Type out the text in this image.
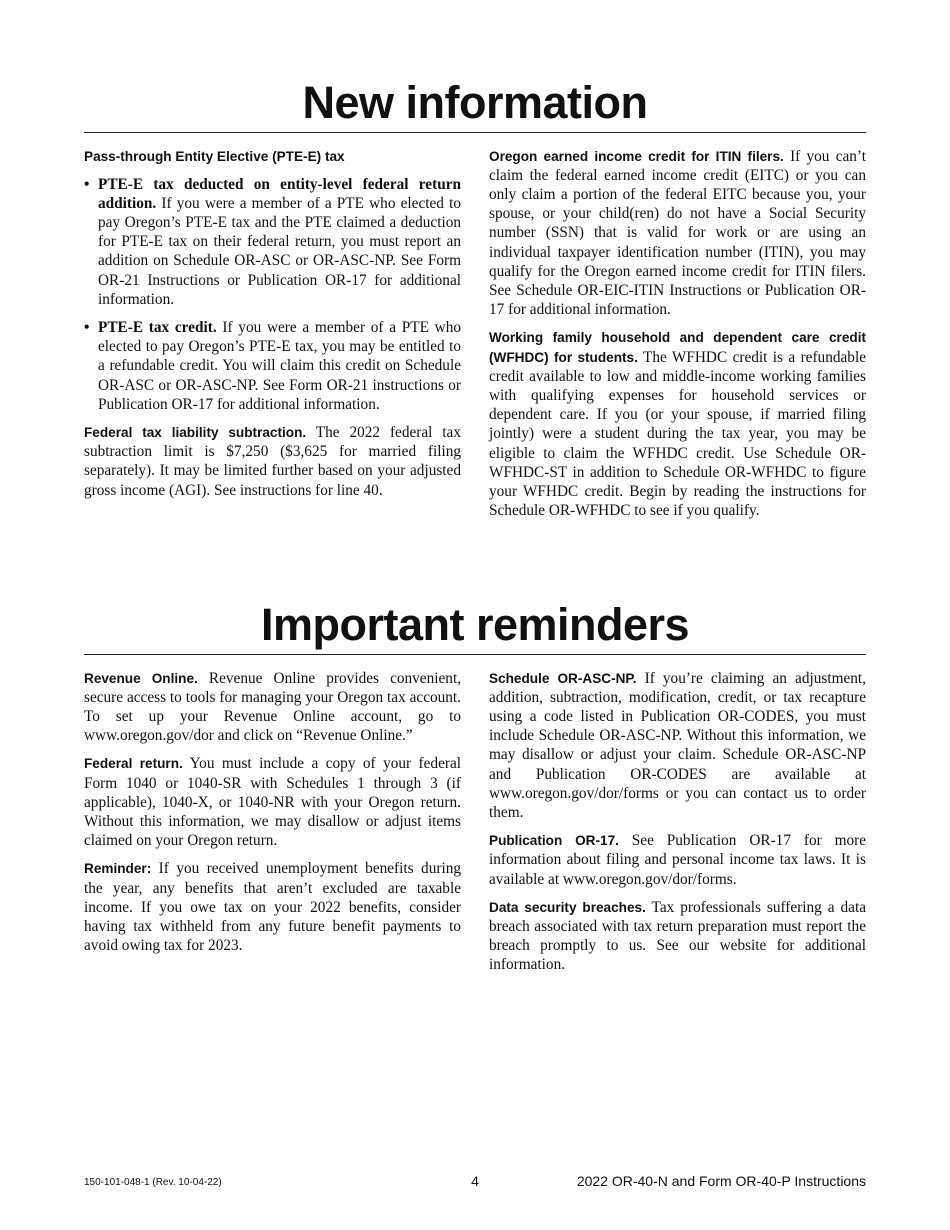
New information
Pass-through Entity Elective (PTE-E) tax
• PTE-E tax deducted on entity-level federal return addition. If you were a member of a PTE who elected to pay Oregon’s PTE-E tax and the PTE claimed a deduction for PTE-E tax on their federal return, you must report an addition on Schedule OR-ASC or OR-ASC-NP. See Form OR-21 Instructions or Publication OR-17 for additional information.
• PTE-E tax credit. If you were a member of a PTE who elected to pay Oregon’s PTE-E tax, you may be entitled to a refundable credit. You will claim this credit on Schedule OR-ASC or OR-ASC-NP. See Form OR-21 instructions or Publication OR-17 for additional information.

Federal tax liability subtraction. The 2022 federal tax subtraction limit is $7,250 ($3,625 for married filing separately). It may be limited further based on your adjusted gross income (AGI). See instructions for line 40.

Oregon earned income credit for ITIN filers. If you can’t claim the federal earned income credit (EITC) or you can only claim a portion of the federal EITC because you, your spouse, or your child(ren) do not have a Social Security number (SSN) that is valid for work or are using an individual taxpayer identification number (ITIN), you may qualify for the Oregon earned income credit for ITIN filers. See Schedule OR-EIC-ITIN Instructions or Publication OR-17 for additional information.

Working family household and dependent care credit (WFHDC) for students. The WFHDC credit is a refundable credit available to low and middle-income working families with qualifying expenses for household services or dependent care. If you (or your spouse, if married filing jointly) were a student during the tax year, you may be eligible to claim the WFHDC credit. Use Schedule OR-WFHDC-ST in addition to Schedule OR-WFHDC to figure your WFHDC credit. Begin by reading the instructions for Schedule OR-WFHDC to see if you qualify.

Important reminders

Revenue Online. Revenue Online provides convenient, secure access to tools for managing your Oregon tax account. To set up your Revenue Online account, go to www.oregon.gov/dor and click on “Revenue Online.”

Federal return. You must include a copy of your federal Form 1040 or 1040-SR with Schedules 1 through 3 (if applicable), 1040-X, or 1040-NR with your Oregon return. Without this information, we may disallow or adjust items claimed on your Oregon return.

Reminder: If you received unemployment benefits during the year, any benefits that aren’t excluded are taxable income. If you owe tax on your 2022 benefits, consider having tax withheld from any future benefit payments to avoid owing tax for 2023.

Schedule OR-ASC-NP. If you’re claiming an adjustment, addition, subtraction, modification, credit, or tax recapture using a code listed in Publication OR-CODES, you must include Schedule OR-ASC-NP. Without this information, we may disallow or adjust your claim. Schedule OR-ASC-NP and Publication OR-CODES are available at www.oregon.gov/dor/forms or you can contact us to order them.

Publication OR-17. See Publication OR-17 for more information about filing and personal income tax laws. It is available at www.oregon.gov/dor/forms.

Data security breaches. Tax professionals suffering a data breach associated with tax return preparation must report the breach promptly to us. See our website for additional information.

150-101-048-1 (Rev. 10-04-22)	4	2022 OR-40-N and Form OR-40-P Instructions
